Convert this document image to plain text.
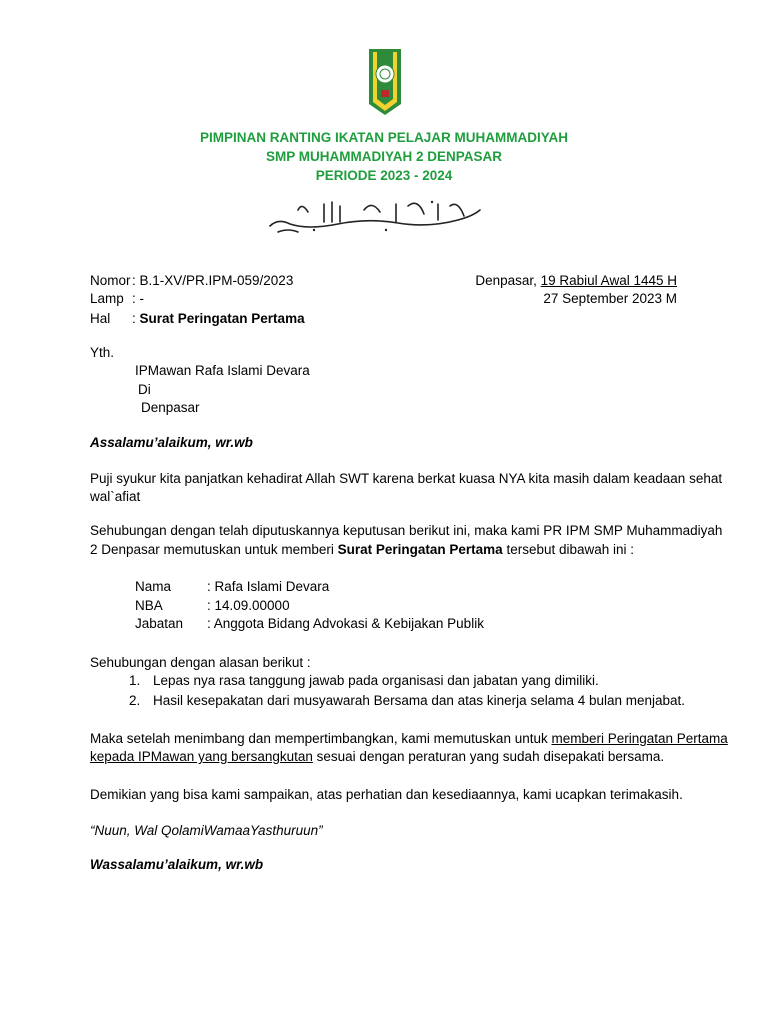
PIMPINAN RANTING IKATAN PELAJAR MUHAMMADIYAH
SMP MUHAMMADIYAH 2 DENPASAR
PERIODE 2023 - 2024
Nomor: B.1-XV/PR.IPM-059/2023
Lamp : -
Hal : Surat Peringatan Pertama
Denpasar, 19 Rabiul Awal 1445 H
27 September 2023 M
Yth.
IPMawan Rafa Islami Devara
Di
Denpasar
Assalamu’alaikum, wr.wb
Puji syukur kita panjatkan kehadirat Allah SWT karena berkat kuasa NYA kita masih dalam keadaan sehat
wal`afiat
Sehubungan dengan telah diputuskannya keputusan berikut ini, maka kami PR IPM SMP Muhammadiyah
2 Denpasar memutuskan untuk memberi Surat Peringatan Pertama tersebut dibawah ini :
Nama	: Rafa Islami Devara
NBA	: 14.09.00000
Jabatan : Anggota Bidang Advokasi & Kebijakan Publik
Sehubungan dengan alasan berikut :
1. Lepas nya rasa tanggung jawab pada organisasi dan jabatan yang dimiliki.
2. Hasil kesepakatan dari musyawarah Bersama dan atas kinerja selama 4 bulan menjabat.
Maka setelah menimbang dan mempertimbangkan, kami memutuskan untuk memberi Peringatan Pertama
kepada IPMawan yang bersangkutan sesuai dengan peraturan yang sudah disepakati bersama.
Demikian yang bisa kami sampaikan, atas perhatian dan kesediaannya, kami ucapkan terimakasih.
“Nuun, Wal QolamiWamaaYasthuruun”
Wassalamu’alaikum, wr.wb
